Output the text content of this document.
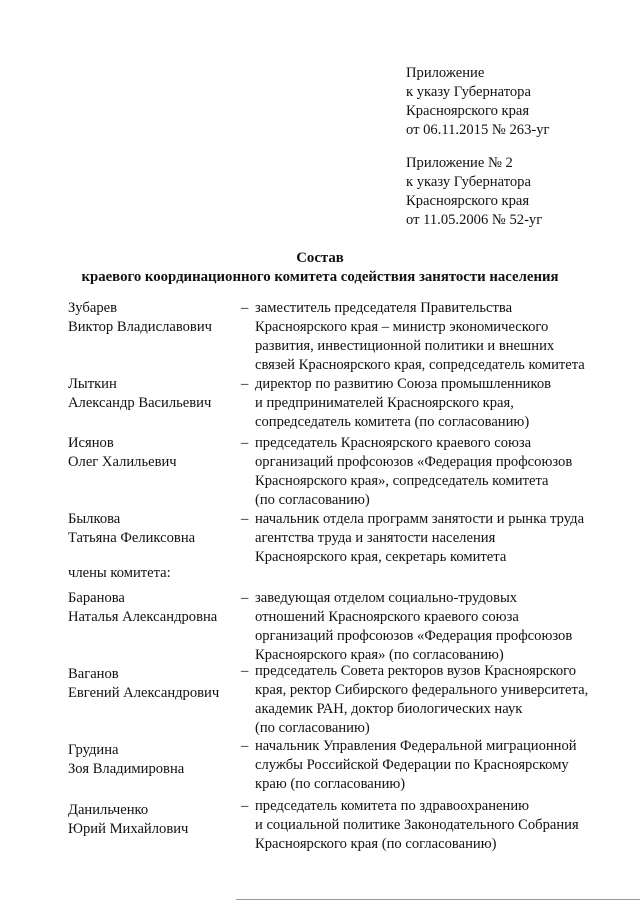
Приложение
к указу Губернатора
Красноярского края
от 06.11.2015 № 263-уг
Приложение № 2
к указу Губернатора
Красноярского края
от 11.05.2006 № 52-уг
Состав
краевого координационного комитета содействия занятости населения
Зубарев
Виктор Владиславович
– заместитель председателя Правительства
Красноярского края – министр экономического
развития, инвестиционной политики и внешних
связей Красноярского края, сопредседатель комитета
Лыткин
Александр Васильевич
– директор по развитию Союза промышленников
и предпринимателей Красноярского края,
сопредседатель комитета (по согласованию)
Исянов
Олег Халильевич
– председатель Красноярского краевого союза
организаций профсоюзов «Федерация профсоюзов
Красноярского края», сопредседатель комитета
(по согласованию)
Былкова
Татьяна Феликсовна
– начальник отдела программ занятости и рынка труда
агентства труда и занятости населения
Красноярского края, секретарь комитета
члены комитета:
Баранова
Наталья Александровна
– заведующая отделом социально-трудовых
отношений Красноярского краевого союза
организаций профсоюзов «Федерация профсоюзов
Красноярского края» (по согласованию)
Ваганов
Евгений Александрович
– председатель Совета ректоров вузов Красноярского
края, ректор Сибирского федерального университета,
академик РАН, доктор биологических наук
(по согласованию)
Грудина
Зоя Владимировна
– начальник Управления Федеральной миграционной
службы Российской Федерации по Красноярскому
краю (по согласованию)
Данильченко
Юрий Михайлович
– председатель комитета по здравоохранению
и социальной политике Законодательного Собрания
Красноярского края (по согласованию)
